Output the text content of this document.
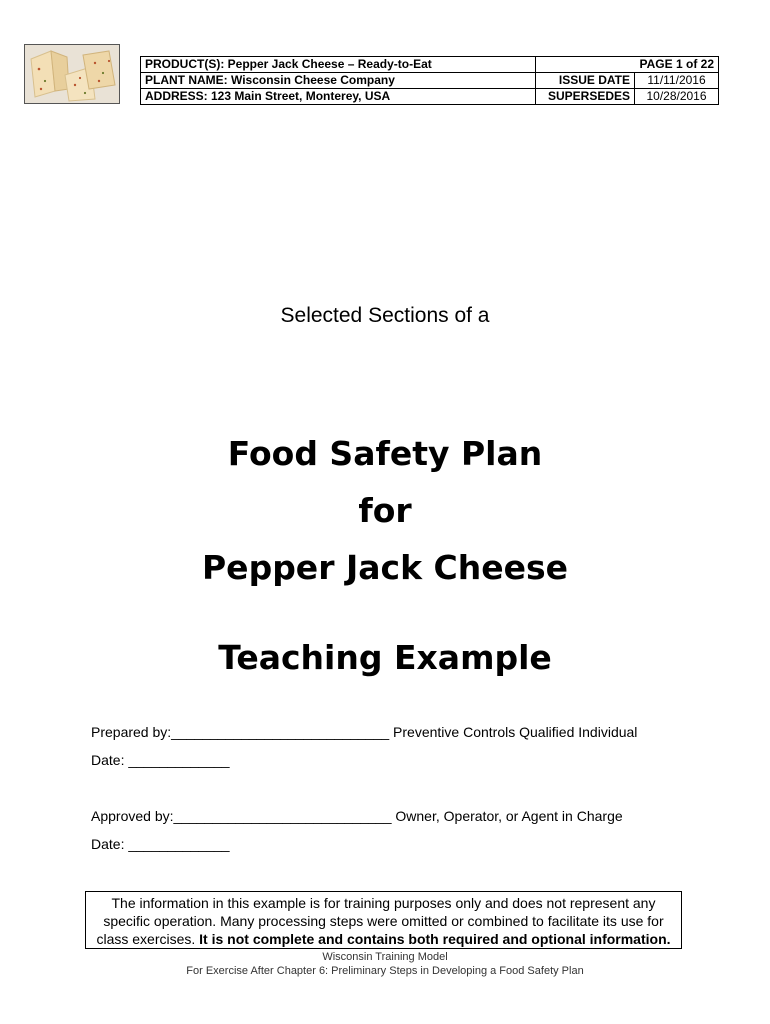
PRODUCT(S): Pepper Jack Cheese – Ready-to-Eat	PAGE 1 of 22	
PLANT NAME: Wisconsin Cheese Company	ISSUE DATE	11/11/2016
ADDRESS: 123 Main Street, Monterey, USA	SUPERSEDES	10/28/2016
Selected Sections of a
Food Safety Plan
for
Pepper Jack Cheese
Teaching Example
Prepared by:____________________________ Preventive Controls Qualified Individual
Date: _____________
Approved by:____________________________ Owner, Operator, or Agent in Charge
Date: _____________
The information in this example is for training purposes only and does not represent any specific operation. Many processing steps were omitted or combined to facilitate its use for class exercises. It is not complete and contains both required and optional information.
Wisconsin Training Model
For Exercise After Chapter 6: Preliminary Steps in Developing a Food Safety Plan
